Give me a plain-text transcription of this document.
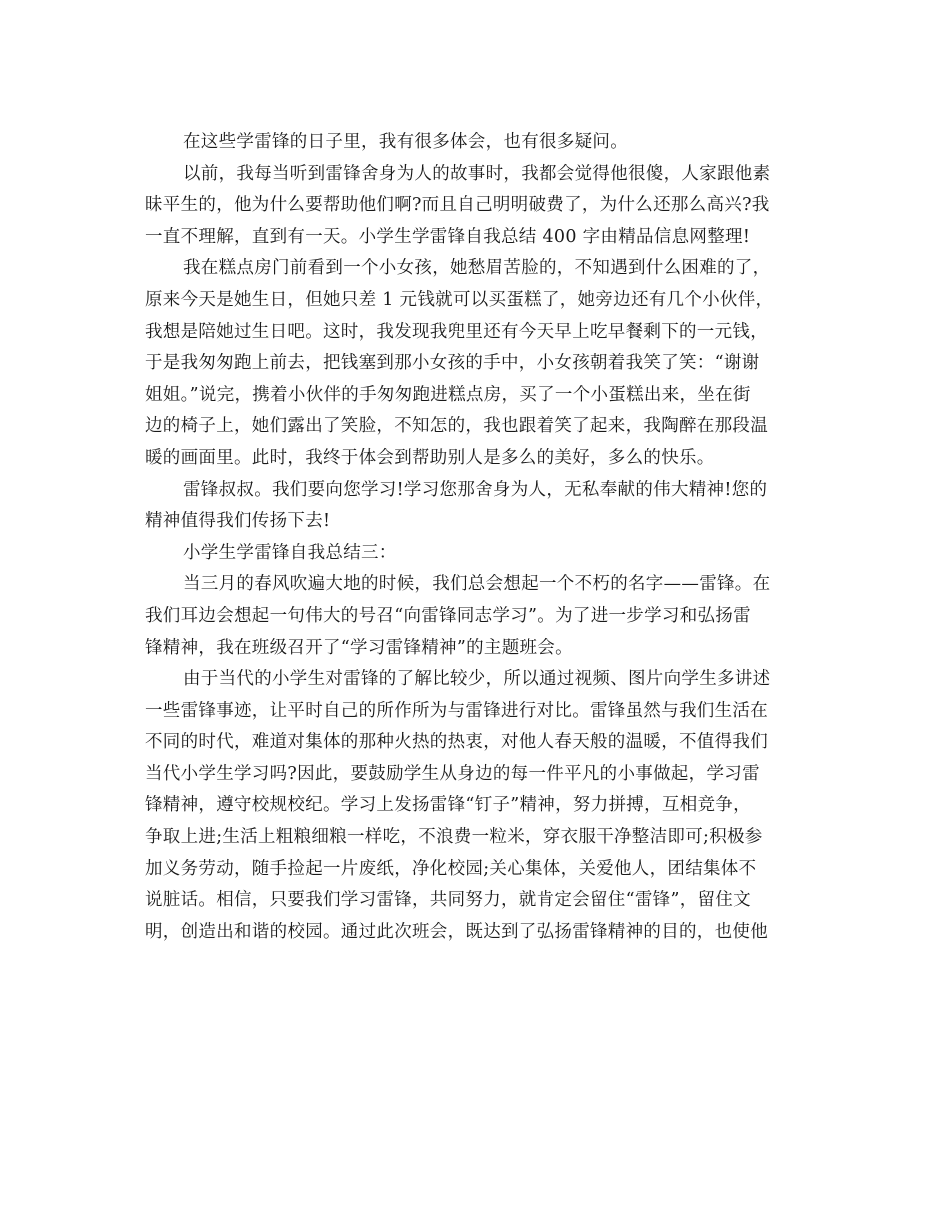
在这些学雷锋的日子里，我有很多体会，也有很多疑问。
以前，我每当听到雷锋舍身为人的故事时，我都会觉得他很傻，人家跟他素
昧平生的，他为什么要帮助他们啊?而且自己明明破费了，为什么还那么高兴?我
一直不理解，直到有一天。小学生学雷锋自我总结 400 字由精品信息网整理!
我在糕点房门前看到一个小女孩，她愁眉苦脸的，不知遇到什么困难的了，
原来今天是她生日，但她只差 1 元钱就可以买蛋糕了，她旁边还有几个小伙伴，
我想是陪她过生日吧。这时，我发现我兜里还有今天早上吃早餐剩下的一元钱，
于是我匆匆跑上前去，把钱塞到那小女孩的手中，小女孩朝着我笑了笑：“谢谢
姐姐。”说完，携着小伙伴的手匆匆跑进糕点房，买了一个小蛋糕出来，坐在街
边的椅子上，她们露出了笑脸，不知怎的，我也跟着笑了起来，我陶醉在那段温
暖的画面里。此时，我终于体会到帮助别人是多么的美好，多么的快乐。
雷锋叔叔。我们要向您学习!学习您那舍身为人，无私奉献的伟大精神!您的
精神值得我们传扬下去!
小学生学雷锋自我总结三：
当三月的春风吹遍大地的时候，我们总会想起一个不朽的名字——雷锋。在
我们耳边会想起一句伟大的号召“向雷锋同志学习”。为了进一步学习和弘扬雷
锋精神，我在班级召开了“学习雷锋精神”的主题班会。
由于当代的小学生对雷锋的了解比较少，所以通过视频、图片向学生多讲述
一些雷锋事迹，让平时自己的所作所为与雷锋进行对比。雷锋虽然与我们生活在
不同的时代，难道对集体的那种火热的热衷，对他人春天般的温暖，不值得我们
当代小学生学习吗?因此，要鼓励学生从身边的每一件平凡的小事做起，学习雷
锋精神，遵守校规校纪。学习上发扬雷锋“钉子”精神，努力拼搏，互相竞争，
争取上进;生活上粗粮细粮一样吃，不浪费一粒米，穿衣服干净整洁即可;积极参
加义务劳动，随手捡起一片废纸，净化校园;关心集体，关爱他人，团结集体不
说脏话。相信，只要我们学习雷锋，共同努力，就肯定会留住“雷锋”，留住文
明，创造出和谐的校园。通过此次班会，既达到了弘扬雷锋精神的目的，也使他
